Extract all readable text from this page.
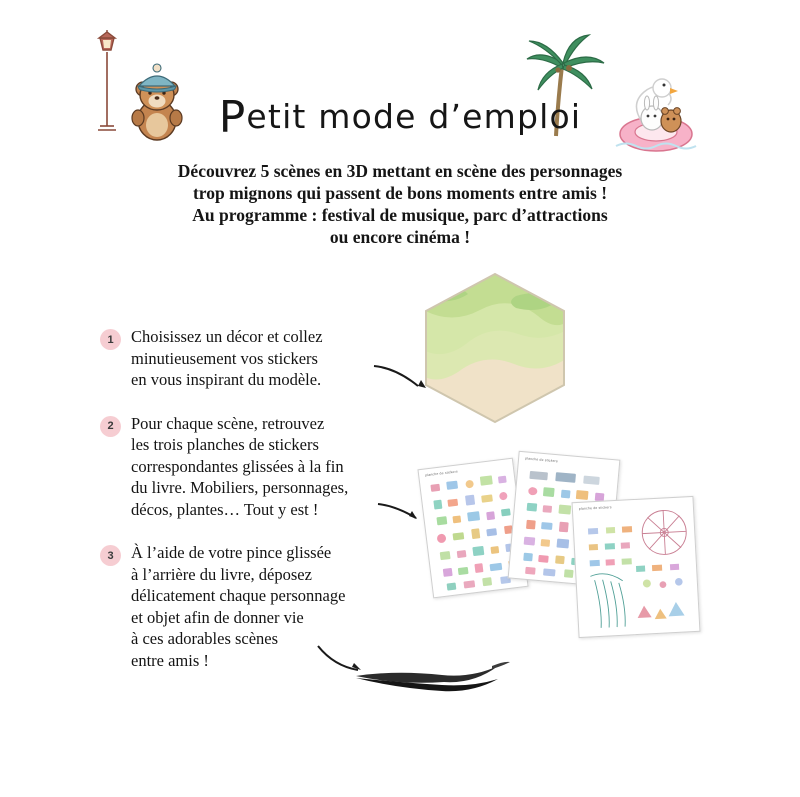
Petit mode d’emploi
Découvrez 5 scènes en 3D mettant en scène des personnages
trop mignons qui passent de bons moments entre amis !
Au programme : festival de musique, parc d’attractions
ou encore cinéma !
1	Choisissez un décor et collez
minutieusement vos stickers
en vous inspirant du modèle.
2	Pour chaque scène, retrouvez
les trois planches de stickers
correspondantes glissées à la fin
du livre. Mobiliers, personnages,
décos, plantes… Tout y est !
3	À l’aide de votre pince glissée
à l’arrière du livre, déposez
délicatement chaque personnage
et objet afin de donner vie
à ces adorables scènes
entre amis !
planche de stickers
planche de stickers
planche de stickers
